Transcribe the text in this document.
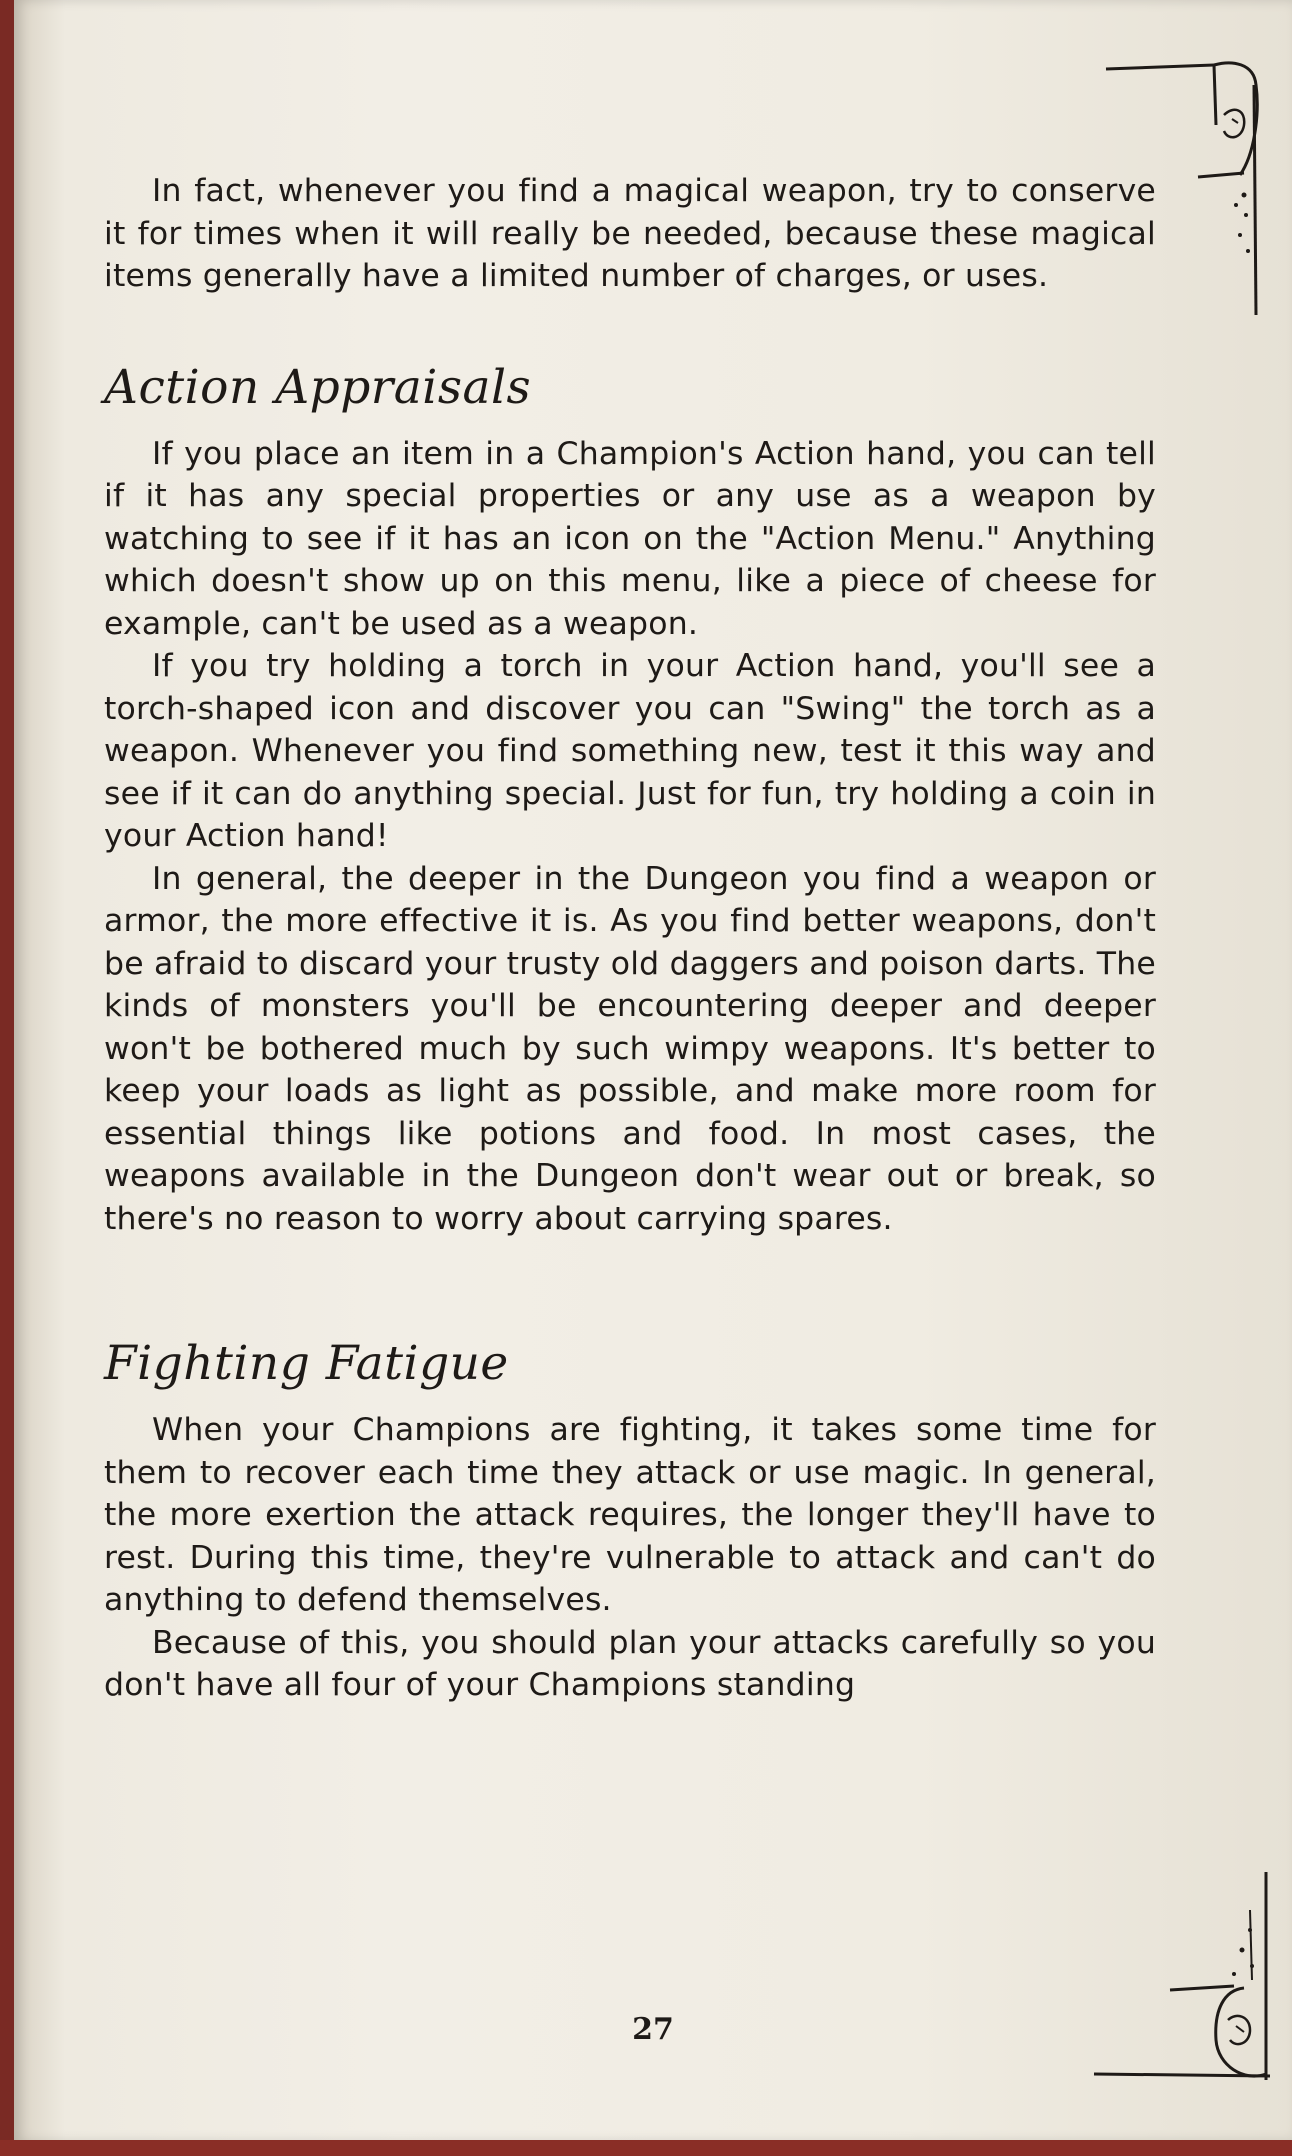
In fact, whenever you find a magical weapon, try to conserve it for times when it will really be needed, because these magical items generally have a limited number of charges, or uses.

Action Appraisals

If you place an item in a Champion's Action hand, you can tell if it has any special properties or any use as a weapon by watching to see if it has an icon on the "Action Menu." Anything which doesn't show up on this menu, like a piece of cheese for example, can't be used as a weapon.

If you try holding a torch in your Action hand, you'll see a torch-shaped icon and discover you can "Swing" the torch as a weapon. Whenever you find something new, test it this way and see if it can do anything special. Just for fun, try holding a coin in your Action hand!

In general, the deeper in the Dungeon you find a weapon or armor, the more effective it is. As you find better weapons, don't be afraid to discard your trusty old daggers and poison darts. The kinds of monsters you'll be encountering deeper and deeper won't be bothered much by such wimpy weapons. It's better to keep your loads as light as possible, and make more room for essential things like potions and food. In most cases, the weapons available in the Dungeon don't wear out or break, so there's no reason to worry about carrying spares.

Fighting Fatigue

When your Champions are fighting, it takes some time for them to recover each time they attack or use magic. In general, the more exertion the attack requires, the longer they'll have to rest. During this time, they're vulnerable to attack and can't do anything to defend themselves.

Because of this, you should plan your attacks carefully so you don't have all four of your Champions standing

27
